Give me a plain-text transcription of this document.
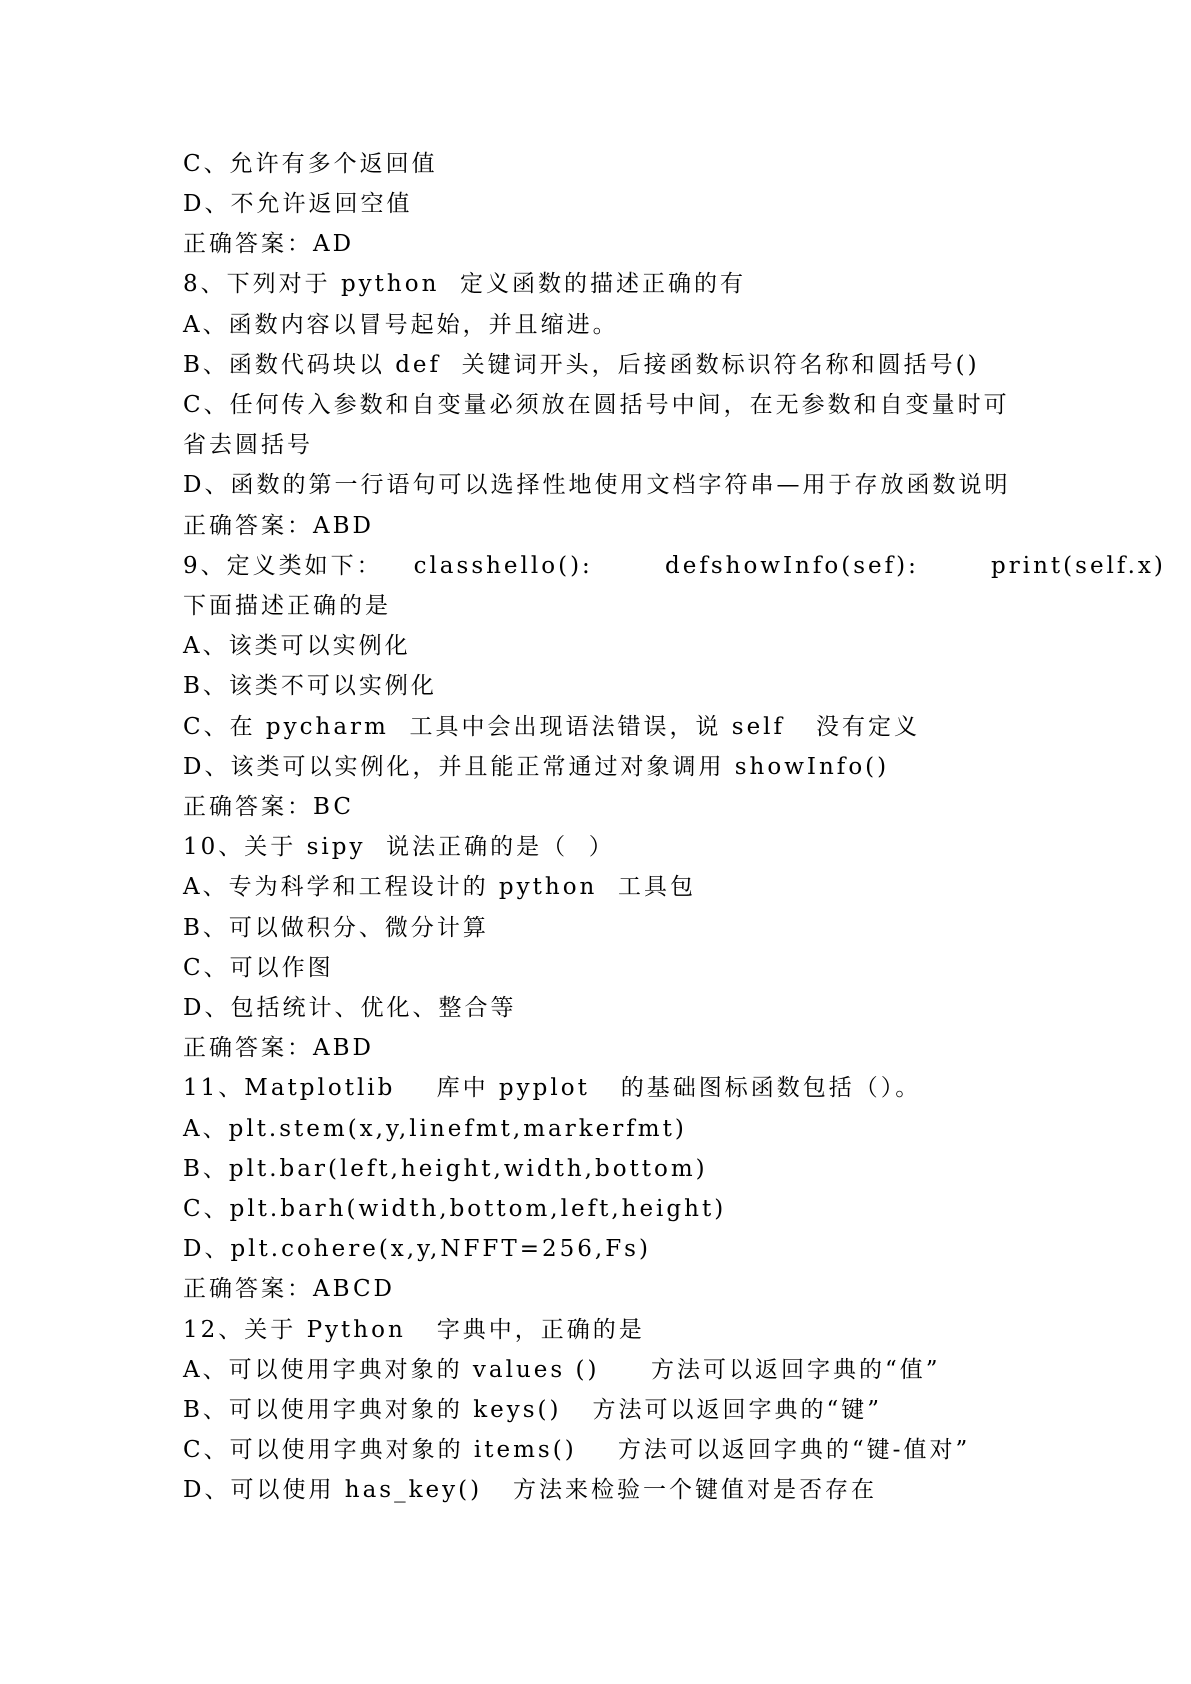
C、允许有多个返回值
D、不允许返回空值
正确答案：AD
8、下列对于 python  定义函数的描述正确的有
A、函数内容以冒号起始，并且缩进。
B、函数代码块以 def  关键词开头，后接函数标识符名称和圆括号()
C、任何传入参数和自变量必须放在圆括号中间，在无参数和自变量时可
省去圆括号
D、函数的第一行语句可以选择性地使用文档字符串—用于存放函数说明
正确答案：ABD
9、定义类如下：   classhello():       defshowInfo(sef):       print(self.x)
下面描述正确的是
A、该类可以实例化
B、该类不可以实例化
C、在 pycharm  工具中会出现语法错误，说 self   没有定义
D、该类可以实例化，并且能正常通过对象调用 showInfo()
正确答案：BC
10、关于 sipy  说法正确的是（  ）
A、专为科学和工程设计的 python  工具包
B、可以做积分、微分计算
C、可以作图
D、包括统计、优化、整合等
正确答案：ABD
11、Matplotlib    库中 pyplot   的基础图标函数包括（）。
A、plt.stem(x,y,linefmt,markerfmt)
B、plt.bar(left,height,width,bottom)
C、plt.barh(width,bottom,left,height)
D、plt.cohere(x,y,NFFT=256,Fs)
正确答案：ABCD
12、关于 Python   字典中，正确的是
A、可以使用字典对象的 values ()     方法可以返回字典的“值”
B、可以使用字典对象的 keys()   方法可以返回字典的“键”
C、可以使用字典对象的 items()    方法可以返回字典的“键-值对”
D、可以使用 has_key()   方法来检验一个键值对是否存在
